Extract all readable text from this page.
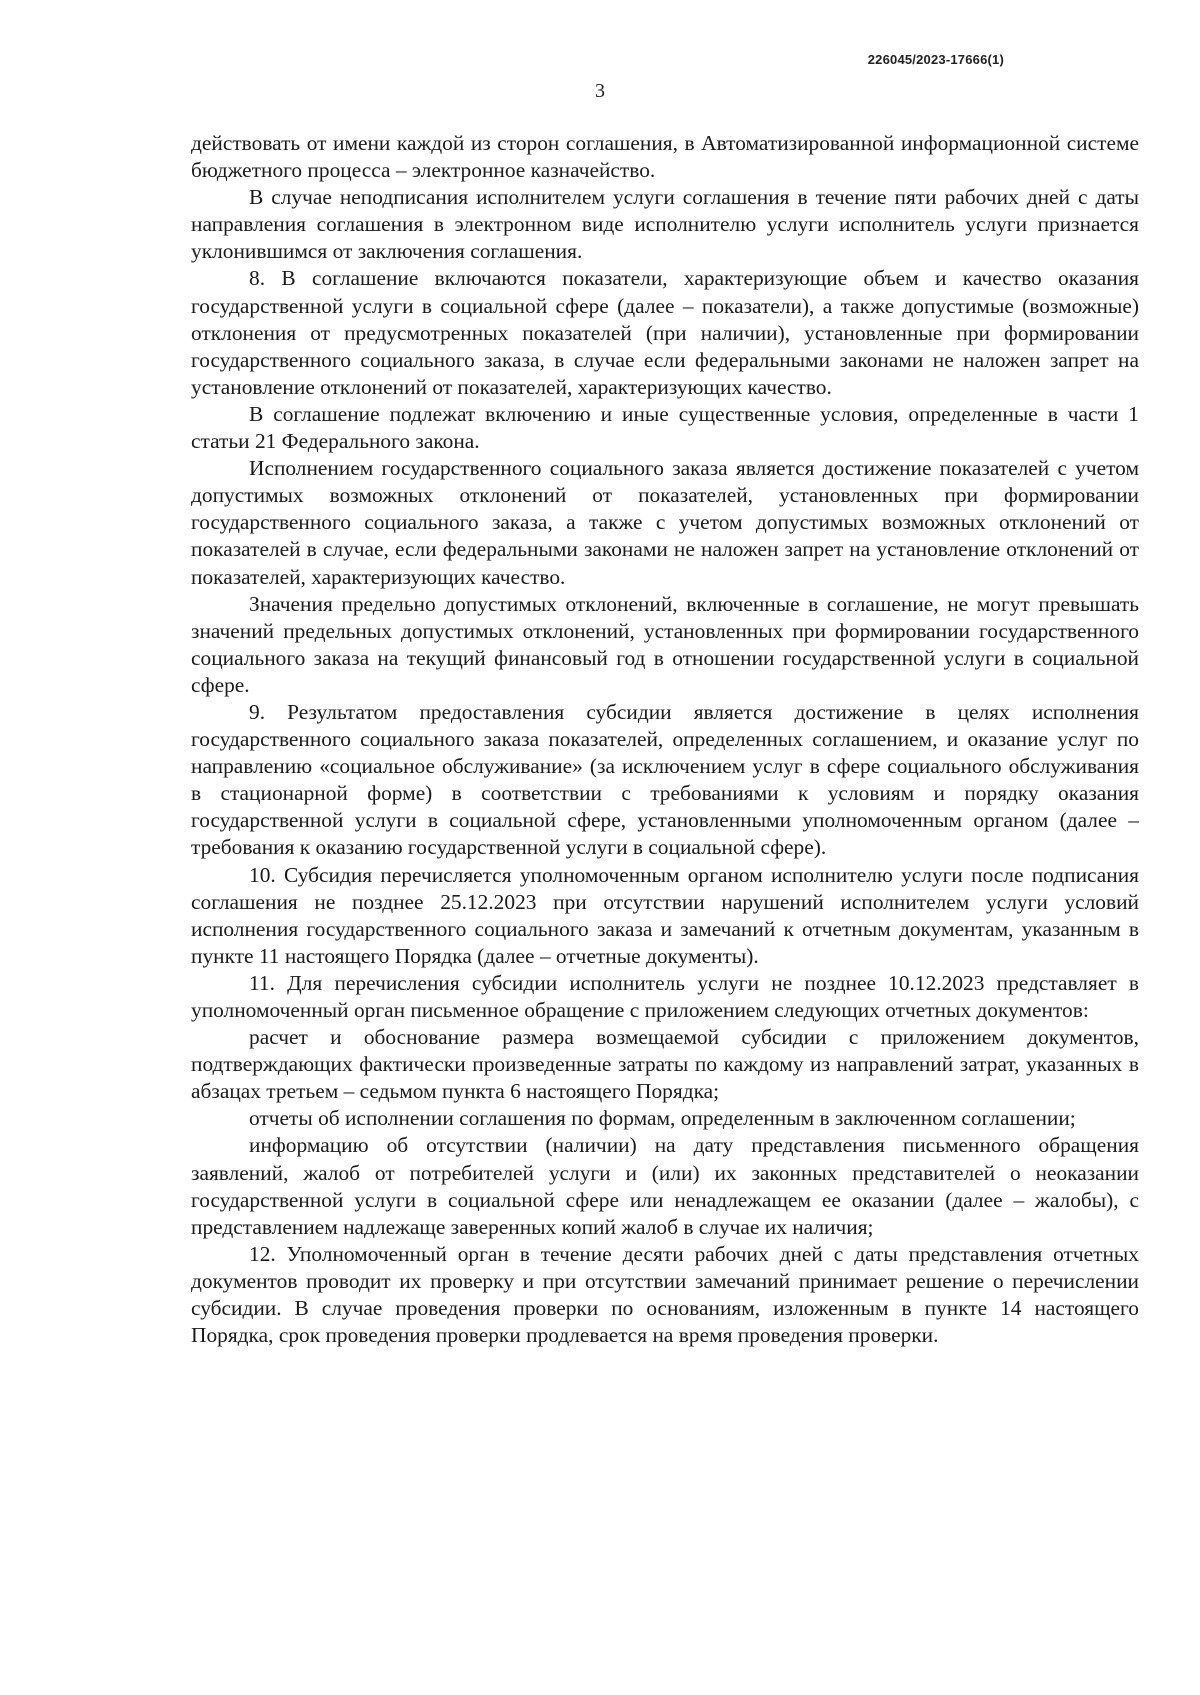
226045/2023-17666(1)
3

действовать от имени каждой из сторон соглашения, в Автоматизированной информационной системе бюджетного процесса – электронное казначейство.

В случае неподписания исполнителем услуги соглашения в течение пяти рабочих дней с даты направления соглашения в электронном виде исполнителю услуги исполнитель услуги признается уклонившимся от заключения соглашения.

8. В соглашение включаются показатели, характеризующие объем и качество оказания государственной услуги в социальной сфере (далее – показатели), а также допустимые (возможные) отклонения от предусмотренных показателей (при наличии), установленные при формировании государственного социального заказа, в случае если федеральными законами не наложен запрет на установление отклонений от показателей, характеризующих качество.

В соглашение подлежат включению и иные существенные условия, определенные в части 1 статьи 21 Федерального закона.

Исполнением государственного социального заказа является достижение показателей с учетом допустимых возможных отклонений от показателей, установленных при формировании государственного социального заказа, а также с учетом допустимых возможных отклонений от показателей в случае, если федеральными законами не наложен запрет на установление отклонений от показателей, характеризующих качество.

Значения предельно допустимых отклонений, включенные в соглашение, не могут превышать значений предельных допустимых отклонений, установленных при формировании государственного социального заказа на текущий финансовый год в отношении государственной услуги в социальной сфере.

9. Результатом предоставления субсидии является достижение в целях исполнения государственного социального заказа показателей, определенных соглашением, и оказание услуг по направлению «социальное обслуживание» (за исключением услуг в сфере социального обслуживания в стационарной форме) в соответствии с требованиями к условиям и порядку оказания государственной услуги в социальной сфере, установленными уполномоченным органом (далее – требования к оказанию государственной услуги в социальной сфере).

10. Субсидия перечисляется уполномоченным органом исполнителю услуги после подписания соглашения не позднее 25.12.2023 при отсутствии нарушений исполнителем услуги условий исполнения государственного социального заказа и замечаний к отчетным документам, указанным в пункте 11 настоящего Порядка (далее – отчетные документы).

11. Для перечисления субсидии исполнитель услуги не позднее 10.12.2023 представляет в уполномоченный орган письменное обращение с приложением следующих отчетных документов:

расчет и обоснование размера возмещаемой субсидии с приложением документов, подтверждающих фактически произведенные затраты по каждому из направлений затрат, указанных в абзацах третьем – седьмом пункта 6 настоящего Порядка;

отчеты об исполнении соглашения по формам, определенным в заключенном соглашении;

информацию об отсутствии (наличии) на дату представления письменного обращения заявлений, жалоб от потребителей услуги и (или) их законных представителей о неоказании государственной услуги в социальной сфере или ненадлежащем ее оказании (далее – жалобы), с представлением надлежаще заверенных копий жалоб в случае их наличия;

12. Уполномоченный орган в течение десяти рабочих дней с даты представления отчетных документов проводит их проверку и при отсутствии замечаний принимает решение о перечислении субсидии. В случае проведения проверки по основаниям, изложенным в пункте 14 настоящего Порядка, срок проведения проверки продлевается на время проведения проверки.
